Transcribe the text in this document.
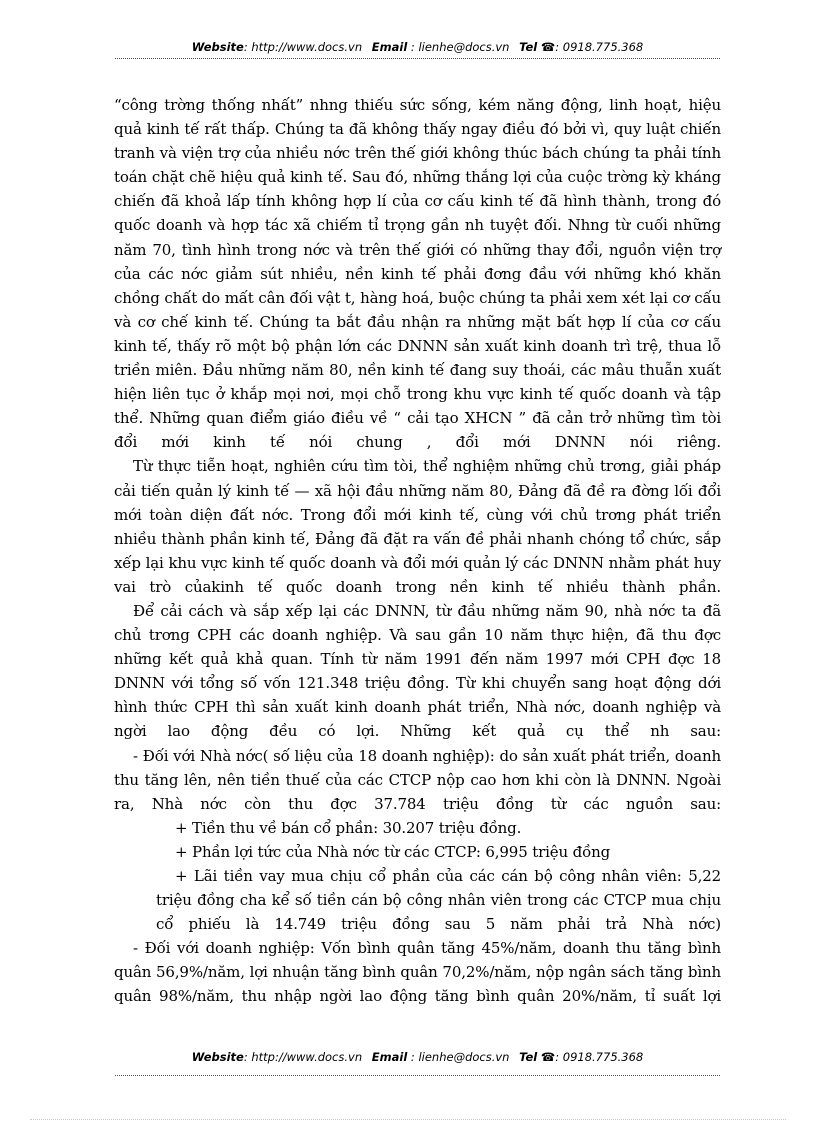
Website: http://www.docs.vn Email : lienhe@docs.vn Tel ☎: 0918.775.368

“công trờng thống nhất” nhng thiếu sức sống, kém năng động, linh hoạt, hiệu quả kinh tế rất thấp. Chúng ta đã không thấy ngay điều đó bởi vì, quy luật chiến tranh và viện trợ của nhiều nớc trên thế giới không thúc bách chúng ta phải tính toán chặt chẽ hiệu quả kinh tế. Sau đó, những thắng lợi của cuộc trờng kỳ kháng chiến đã khoả lấp tính không hợp lí của cơ cấu kinh tế đã hình thành, trong đó quốc doanh và hợp tác xã chiếm tỉ trọng gần nh tuyệt đối. Nhng từ cuối những năm 70, tình hình trong nớc và trên thế giới có những thay đổi, nguồn viện trợ của các nớc giảm sút nhiều, nền kinh tế phải đơng đầu với những khó khăn chồng chất do mất cân đối vật t, hàng hoá, buộc chúng ta phải xem xét lại cơ cấu và cơ chế kinh tế. Chúng ta bắt đầu nhận ra những mặt bất hợp lí của cơ cấu kinh tế, thấy rõ một bộ phận lớn các DNNN sản xuất kinh doanh trì trệ, thua lỗ triền miên. Đầu những năm 80, nền kinh tế đang suy thoái, các mâu thuẫn xuất hiện liên tục ở khắp mọi nơi, mọi chỗ trong khu vực kinh tế quốc doanh và tập thể. Những quan điểm giáo điều về “ cải tạo XHCN ” đã cản trở những tìm tòi đổi mới kinh tế nói chung , đổi mới DNNN nói riêng.

Từ thực tiễn hoạt, nghiên cứu tìm tòi, thể nghiệm những chủ trơng, giải pháp cải tiến quản lý kinh tế — xã hội đầu những năm 80, Đảng đã đề ra đờng lối đổi mới toàn diện đất nớc. Trong đổi mới kinh tế, cùng với chủ trơng phát triển nhiều thành phần kinh tế, Đảng đã đặt ra vấn đề phải nhanh chóng tổ chức, sắp xếp lại khu vực kinh tế quốc doanh và đổi mới quản lý các DNNN nhằm phát huy vai trò củakinh tế quốc doanh trong nền kinh tế nhiều thành phần.

Để cải cách và sắp xếp lại các DNNN, từ đầu những năm 90, nhà nớc ta đã chủ trơng CPH các doanh nghiệp. Và sau gần 10 năm thực hiện, đã thu đợc những kết quả khả quan. Tính từ năm 1991 đến năm 1997 mới CPH đợc 18 DNNN với tổng số vốn 121.348 triệu đồng. Từ khi chuyển sang hoạt động dới hình thức CPH thì sản xuất kinh doanh phát triển, Nhà nớc, doanh nghiệp và ngời lao động đều có lợi. Những kết quả cụ thể nh sau:

- Đối với Nhà nớc( số liệu của 18 doanh nghiệp): do sản xuất phát triển, doanh thu tăng lên, nên tiền thuế của các CTCP nộp cao hơn khi còn là DNNN. Ngoài ra, Nhà nớc còn thu đợc 37.784 triệu đồng từ các nguồn sau:

+ Tiền thu về bán cổ phần: 30.207 triệu đồng.

+ Phần lợi tức của Nhà nớc từ các CTCP: 6,995 triệu đồng

+ Lãi tiền vay mua chịu cổ phần của các cán bộ công nhân viên: 5,22 triệu đồng cha kể số tiền cán bộ công nhân viên trong các CTCP mua chịu cổ phiếu là 14.749 triệu đồng sau 5 năm phải trả Nhà nớc)

- Đối với doanh nghiệp: Vốn bình quân tăng 45%/năm, doanh thu tăng bình quân 56,9%/năm, lợi nhuận tăng bình quân 70,2%/năm, nộp ngân sách tăng bình quân 98%/năm, thu nhập ngời lao động tăng bình quân 20%/năm, tỉ suất lợi

Website: http://www.docs.vn Email : lienhe@docs.vn Tel ☎: 0918.775.368
